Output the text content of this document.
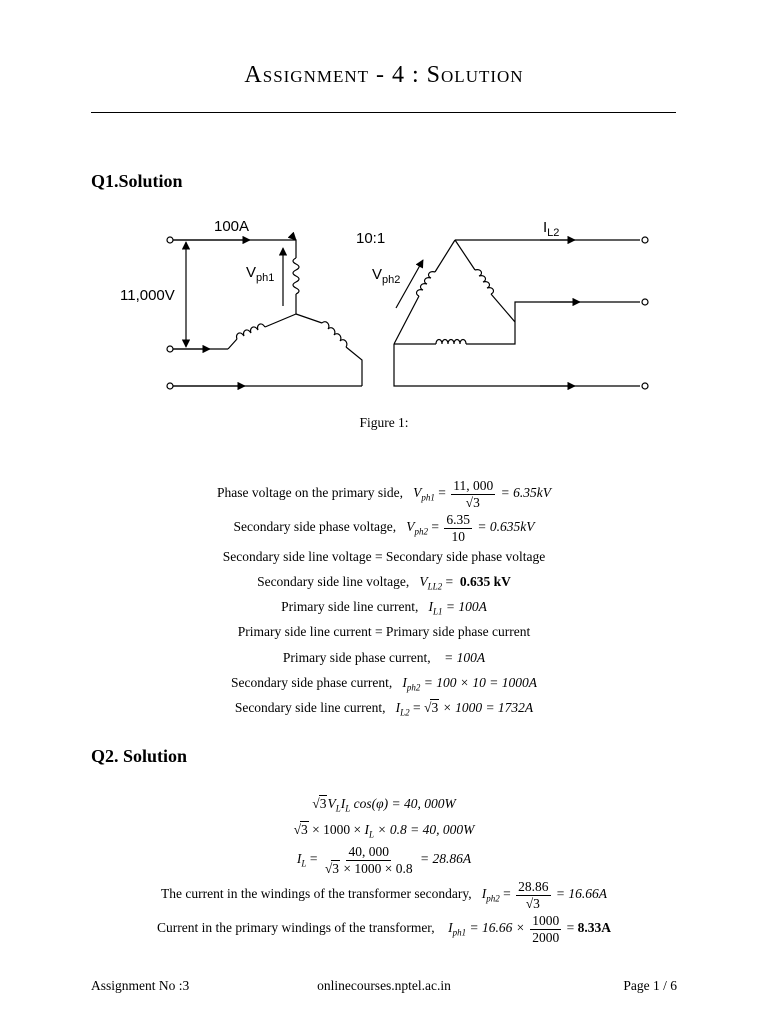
Assignment - 4 : Solution
Q1.Solution
100A
10:1
11,000V
$V_{ph1}$	$V_{ph2}$
$I_{L2}$
Figure 1:
Phase voltage on the primary side, $V_{ph1} = \frac{11, 000}{√3} = 6.35kV$
Secondary side phase voltage, $V_{ph2} = \frac{6.35}{10} = 0.635kV$
Secondary side line voltage = Secondary side phase voltage
Secondary side line voltage, $V_{LL2} = 0.635$ kV
Primary side line current, $I_{L1} = 100A$
Primary side line current = Primary side phase current
Primary side phase current, = 100A
Secondary side phase current, $I_{ph2} = 100 \times 10 = 1000A$
Secondary side line current, $I_{L2} = √3 \times 1000 = 1732A$
Q2. Solution
$√3V_LI_L$ cos(φ) = 40, 000W
$√3 \times 1000 \times I_L \times 0.8 = 40$, 000W
$I_L = \frac{40, 000}{√3 \times 1000 \times 0.8} = 28.86A$
The current in the windings of the transformer secondary, $I_{ph2} = \frac{28.86}{√3} = 16.66A$
Current in the primary windings of the transformer, $I_{ph1} = 16.66 \times \frac{1000}{2000} = 8.33A$
Assignment No :3	onlinecourses.nptel.ac.in	Page 1 / 6
